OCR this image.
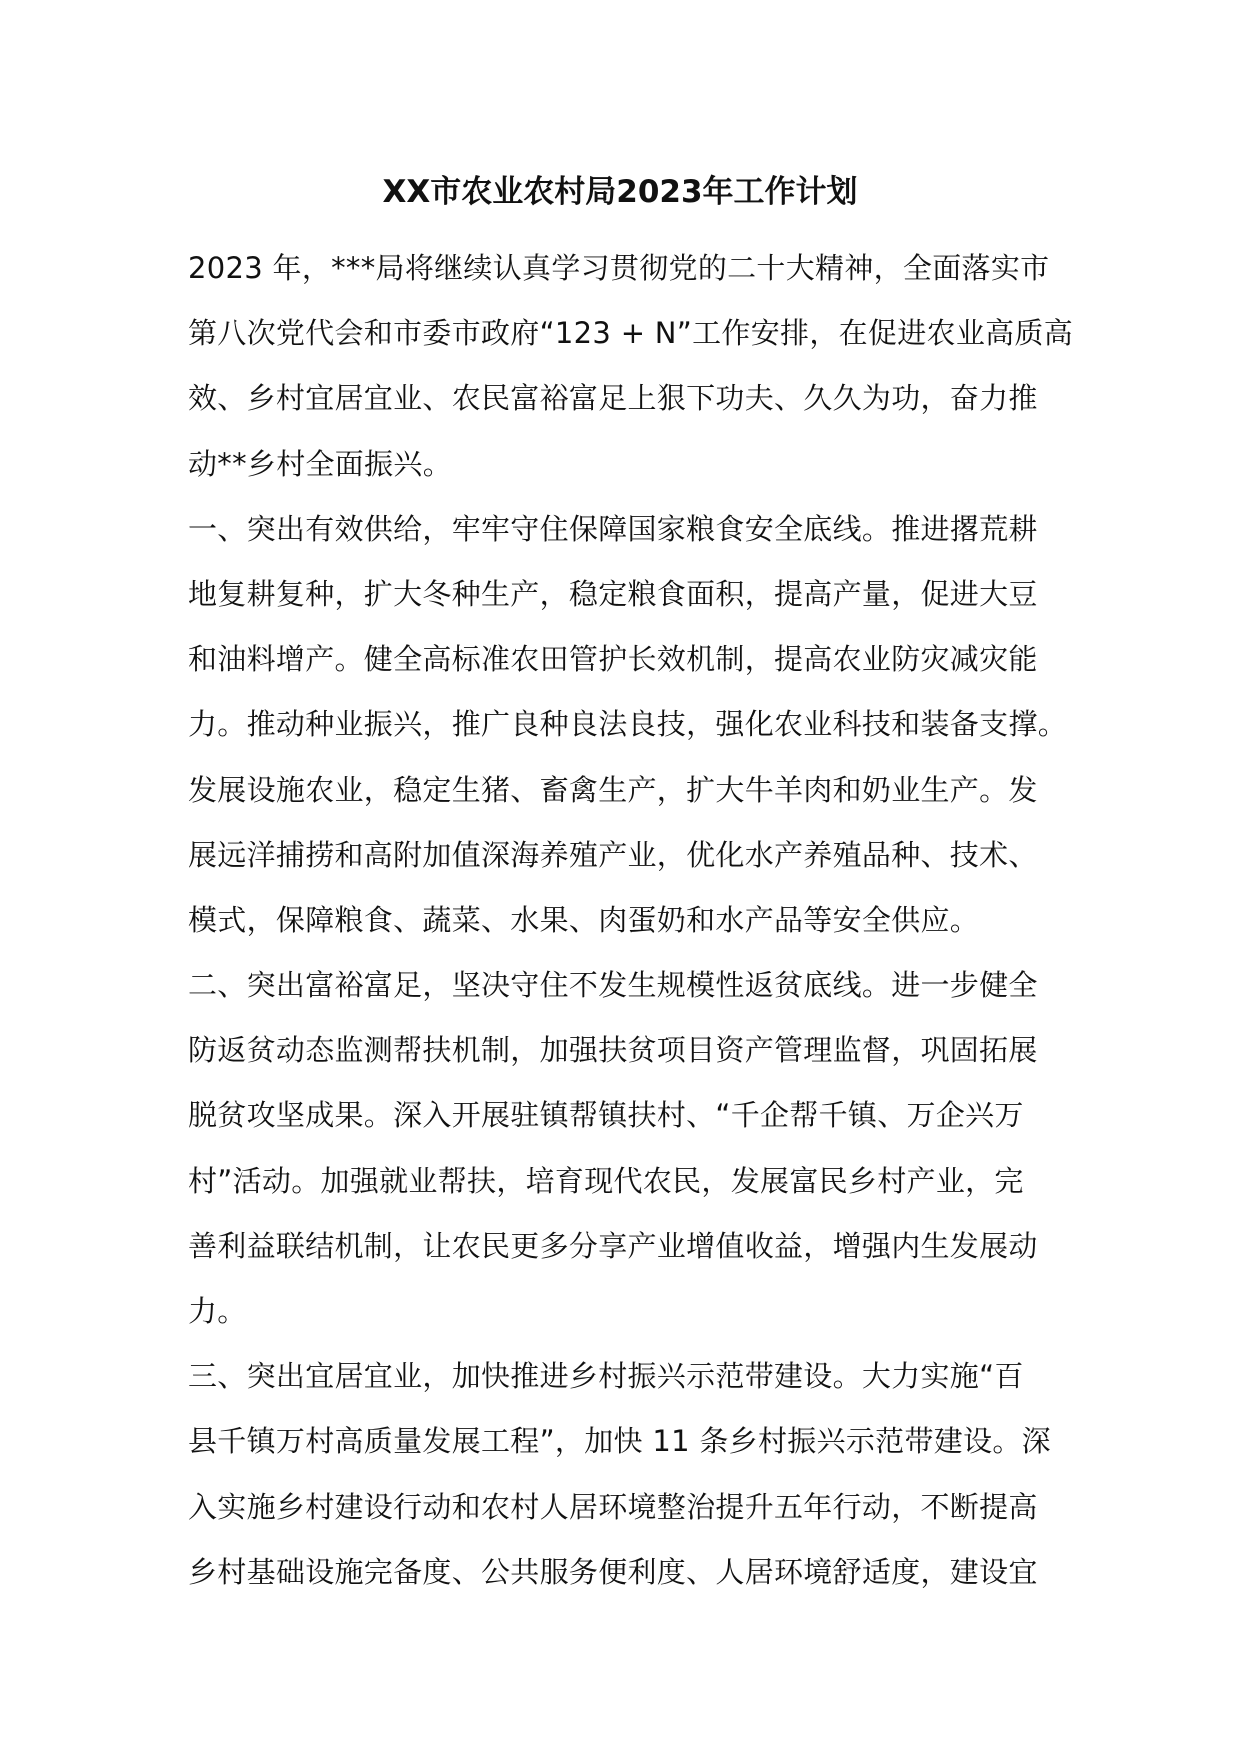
XX市农业农村局2023年工作计划
2023 年，***局将继续认真学习贯彻党的二十大精神，全面落实市
第八次党代会和市委市政府“123 + N”工作安排，在促进农业高质高
效、乡村宜居宜业、农民富裕富足上狠下功夫、久久为功，奋力推
动**乡村全面振兴。
一、突出有效供给，牢牢守住保障国家粮食安全底线。推进撂荒耕
地复耕复种，扩大冬种生产，稳定粮食面积，提高产量，促进大豆
和油料增产。健全高标准农田管护长效机制，提高农业防灾减灾能
力。推动种业振兴，推广良种良法良技，强化农业科技和装备支撑。
发展设施农业，稳定生猪、畜禽生产，扩大牛羊肉和奶业生产。发
展远洋捕捞和高附加值深海养殖产业，优化水产养殖品种、技术、
模式，保障粮食、蔬菜、水果、肉蛋奶和水产品等安全供应。
二、突出富裕富足，坚决守住不发生规模性返贫底线。进一步健全
防返贫动态监测帮扶机制，加强扶贫项目资产管理监督，巩固拓展
脱贫攻坚成果。深入开展驻镇帮镇扶村、“千企帮千镇、万企兴万
村”活动。加强就业帮扶，培育现代农民，发展富民乡村产业，完
善利益联结机制，让农民更多分享产业增值收益，增强内生发展动
力。
三、突出宜居宜业，加快推进乡村振兴示范带建设。大力实施“百
县千镇万村高质量发展工程”，加快 11 条乡村振兴示范带建设。深
入实施乡村建设行动和农村人居环境整治提升五年行动，不断提高
乡村基础设施完备度、公共服务便利度、人居环境舒适度，建设宜
